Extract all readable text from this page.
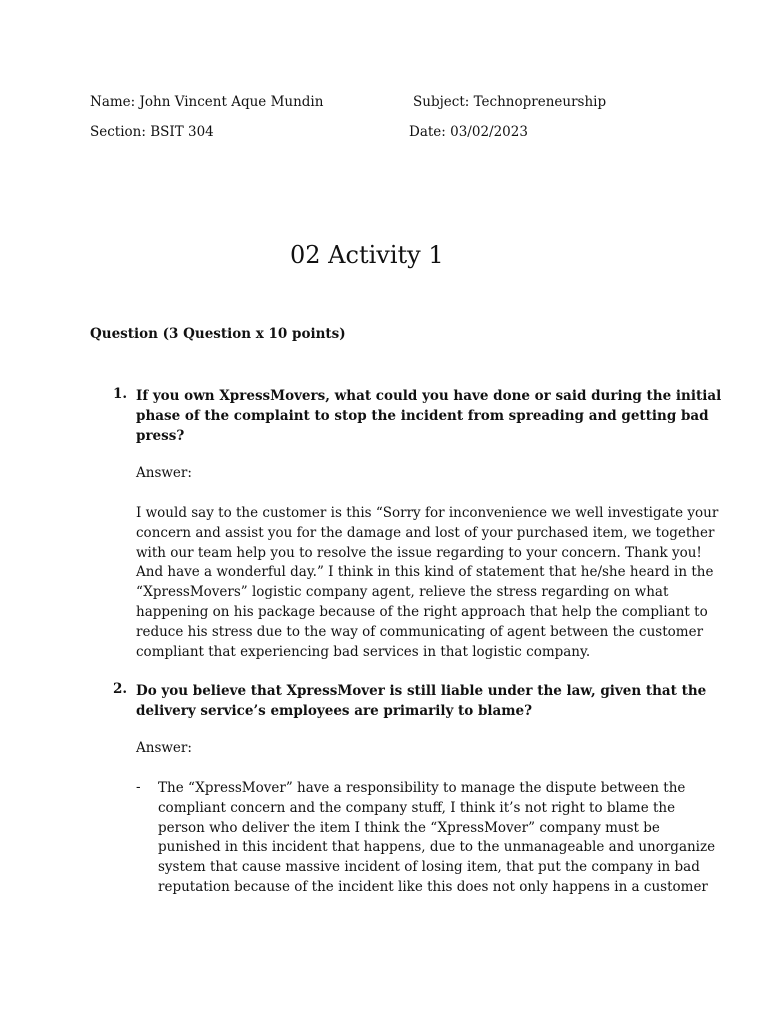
Name: John Vincent Aque Mundin	Subject: Technopreneurship
Section: BSIT 304	Date: 03/02/2023
02 Activity 1
Question (3 Question x 10 points)
1. If you own XpressMovers, what could you have done or said during the initial
phase of the complaint to stop the incident from spreading and getting bad
press?
Answer:
I would say to the customer is this “Sorry for inconvenience we well investigate your
concern and assist you for the damage and lost of your purchased item, we together
with our team help you to resolve the issue regarding to your concern. Thank you!
And have a wonderful day.” I think in this kind of statement that he/she heard in the
“XpressMovers” logistic company agent, relieve the stress regarding on what
happening on his package because of the right approach that help the compliant to
reduce his stress due to the way of communicating of agent between the customer
compliant that experiencing bad services in that logistic company.
2. Do you believe that XpressMover is still liable under the law, given that the
delivery service’s employees are primarily to blame?
Answer:
- The “XpressMover” have a responsibility to manage the dispute between the
compliant concern and the company stuff, I think it’s not right to blame the
person who deliver the item I think the “XpressMover” company must be
punished in this incident that happens, due to the unmanageable and unorganize
system that cause massive incident of losing item, that put the company in bad
reputation because of the incident like this does not only happens in a customer
